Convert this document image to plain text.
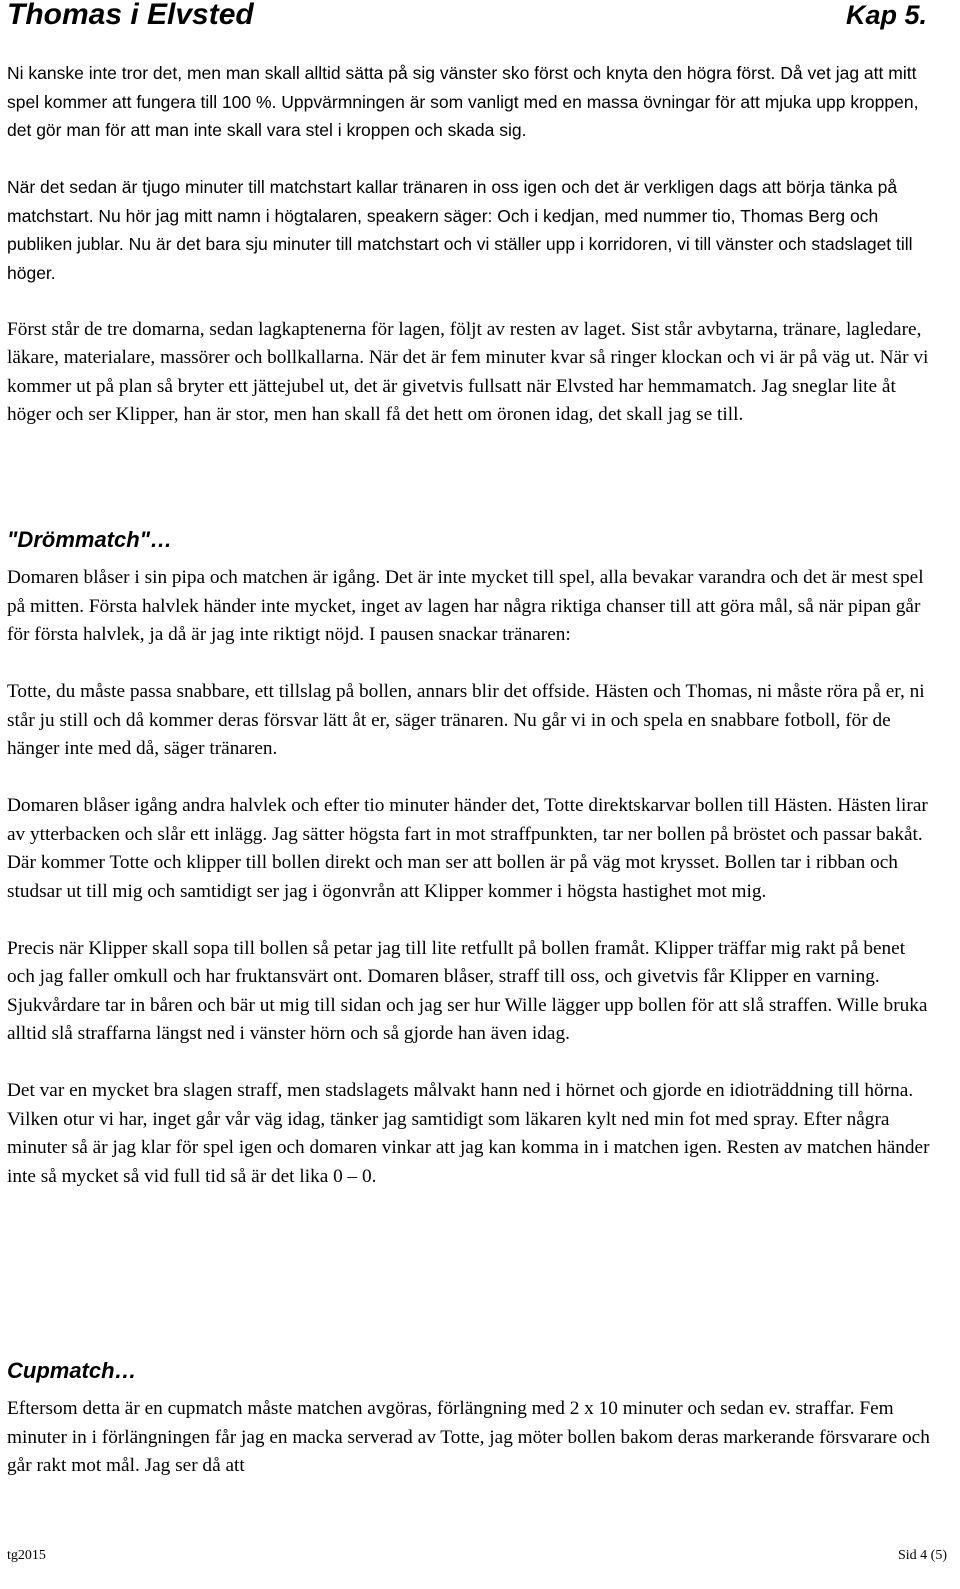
Thomas i Elvsted	Kap 5.

Ni kanske inte tror det, men man skall alltid sätta på sig vänster sko först och knyta den högra först. Då vet jag att mitt spel kommer att fungera till 100 %. Uppvärmningen är som vanligt med en massa övningar för att mjuka upp kroppen, det gör man för att man inte skall vara stel i kroppen och skada sig.

När det sedan är tjugo minuter till matchstart kallar tränaren in oss igen och det är verkligen dags att börja tänka på matchstart. Nu hör jag mitt namn i högtalaren, speakern säger: Och i kedjan, med nummer tio, Thomas Berg och publiken jublar. Nu är det bara sju minuter till matchstart och vi ställer upp i korridoren, vi till vänster och stadslaget till höger.

Först står de tre domarna, sedan lagkaptenerna för lagen, följt av resten av laget. Sist står avbytarna, tränare, lagledare, läkare, materialare, massörer och bollkallarna. När det är fem minuter kvar så ringer klockan och vi är på väg ut. När vi kommer ut på plan så bryter ett jättejubel ut, det är givetvis fullsatt när Elvsted har hemmamatch. Jag sneglar lite åt höger och ser Klipper, han är stor, men han skall få det hett om öronen idag, det skall jag se till.

"Drömmatch"…

Domaren blåser i sin pipa och matchen är igång. Det är inte mycket till spel, alla bevakar varandra och det är mest spel på mitten. Första halvlek händer inte mycket, inget av lagen har några riktiga chanser till att göra mål, så när pipan går för första halvlek, ja då är jag inte riktigt nöjd. I pausen snackar tränaren:

Totte, du måste passa snabbare, ett tillslag på bollen, annars blir det offside. Hästen och Thomas, ni måste röra på er, ni står ju still och då kommer deras försvar lätt åt er, säger tränaren. Nu går vi in och spela en snabbare fotboll, för de hänger inte med då, säger tränaren.

Domaren blåser igång andra halvlek och efter tio minuter händer det, Totte direktskarvar bollen till Hästen. Hästen lirar av ytterbacken och slår ett inlägg. Jag sätter högsta fart in mot straffpunkten, tar ner bollen på bröstet och passar bakåt. Där kommer Totte och klipper till bollen direkt och man ser att bollen är på väg mot krysset. Bollen tar i ribban och studsar ut till mig och samtidigt ser jag i ögonvrån att Klipper kommer i högsta hastighet mot mig.

Precis när Klipper skall sopa till bollen så petar jag till lite retfullt på bollen framåt. Klipper träffar mig rakt på benet och jag faller omkull och har fruktansvärt ont. Domaren blåser, straff till oss, och givetvis får Klipper en varning. Sjukvårdare tar in båren och bär ut mig till sidan och jag ser hur Wille lägger upp bollen för att slå straffen. Wille bruka alltid slå straffarna längst ned i vänster hörn och så gjorde han även idag.

Det var en mycket bra slagen straff, men stadslagets målvakt hann ned i hörnet och gjorde en idioträddning till hörna. Vilken otur vi har, inget går vår väg idag, tänker jag samtidigt som läkaren kylt ned min fot med spray. Efter några minuter så är jag klar för spel igen och domaren vinkar att jag kan komma in i matchen igen. Resten av matchen händer inte så mycket så vid full tid så är det lika 0 – 0.

Cupmatch…

Eftersom detta är en cupmatch måste matchen avgöras, förlängning med 2 x 10 minuter och sedan ev. straffar. Fem minuter in i förlängningen får jag en macka serverad av Totte, jag möter bollen bakom deras markerande försvarare och går rakt mot mål. Jag ser då att

tg2015	Sid 4 (5)
